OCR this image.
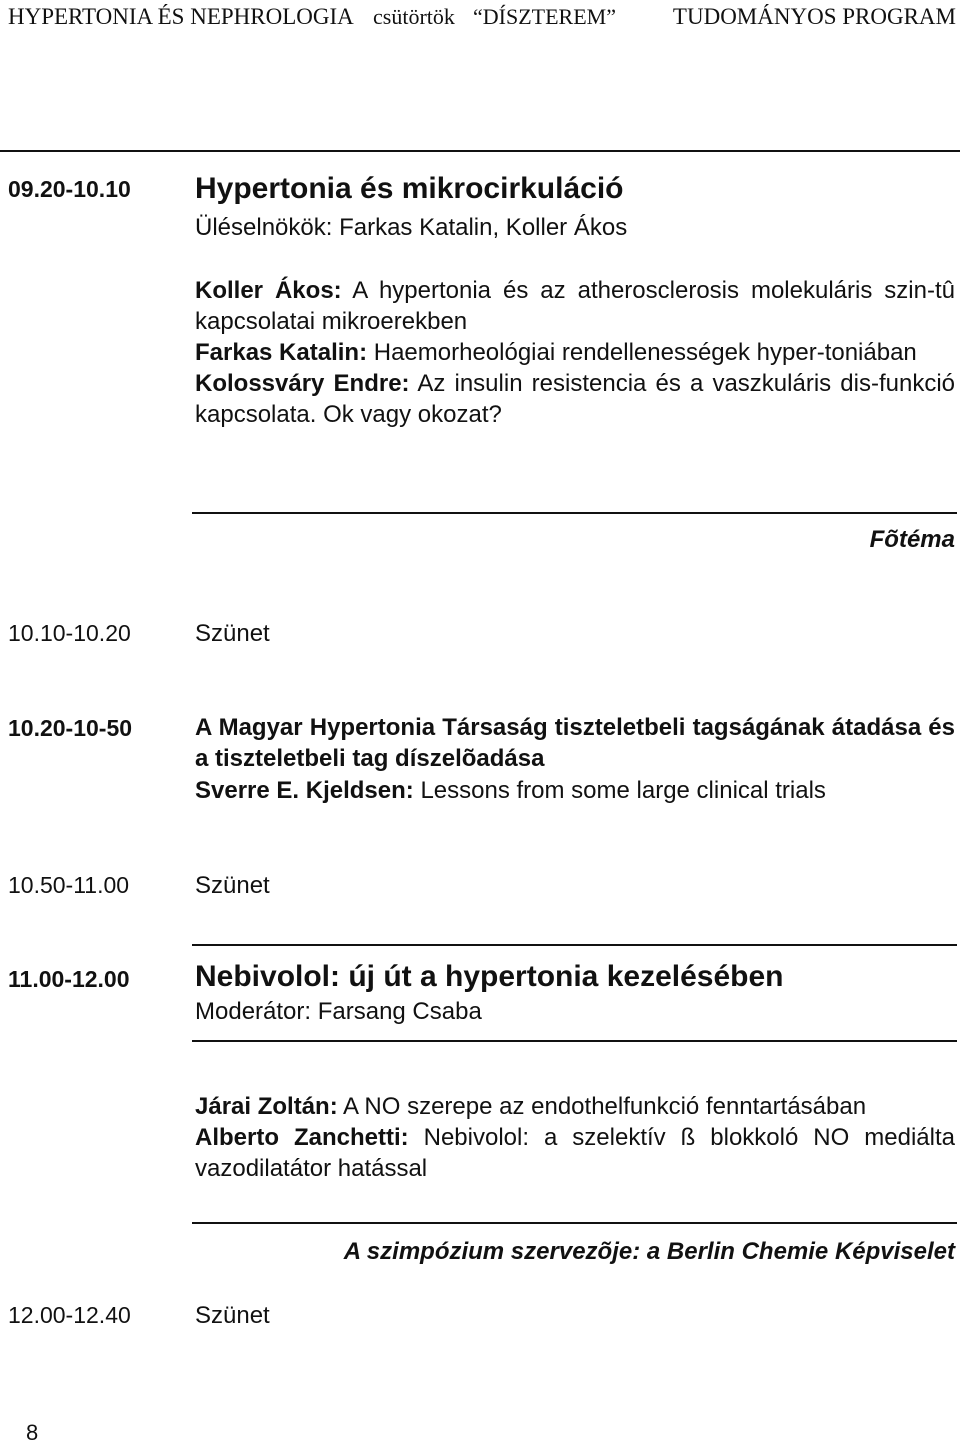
HYPERTONIA ÉS NEPHROLOGIA csütörtök “DÍSZTEREM” TUDOMÁNYOS PROGRAM
09.20-10.10 Hypertonia és mikrocirkuláció
Üléselnökök: Farkas Katalin, Koller Ákos

Koller Ákos: A hypertonia és az atherosclerosis molekuláris szin-tû kapcsolatai mikroerekben

Farkas Katalin: Haemorheológiai rendellenességek hyper-toniában

Kolossváry Endre: Az insulin resistencia és a vaszkuláris dis-funkció kapcsolata. Ok vagy okozat?

Fõtéma
10.10-10.20	Szünet
10.20-10-50	A Magyar Hypertonia Társaság tiszteletbeli tagságának átadása és a tiszteletbeli tag díszelõadása
Sverre E. Kjeldsen: Lessons from some large clinical trials
10.50-11.00	Szünet
11.00-12.00 Nebivolol: új út a hypertonia kezelésében
Moderátor: Farsang Csaba

Járai Zoltán: A NO szerepe az endothelfunkció fenntartásában

Alberto Zanchetti: Nebivolol: a szelektív ß blokkoló NO mediálta vazodilatátor hatással

A szimpózium szervezõje: a Berlin Chemie Képviselet
12.00-12.40	Szünet
8
